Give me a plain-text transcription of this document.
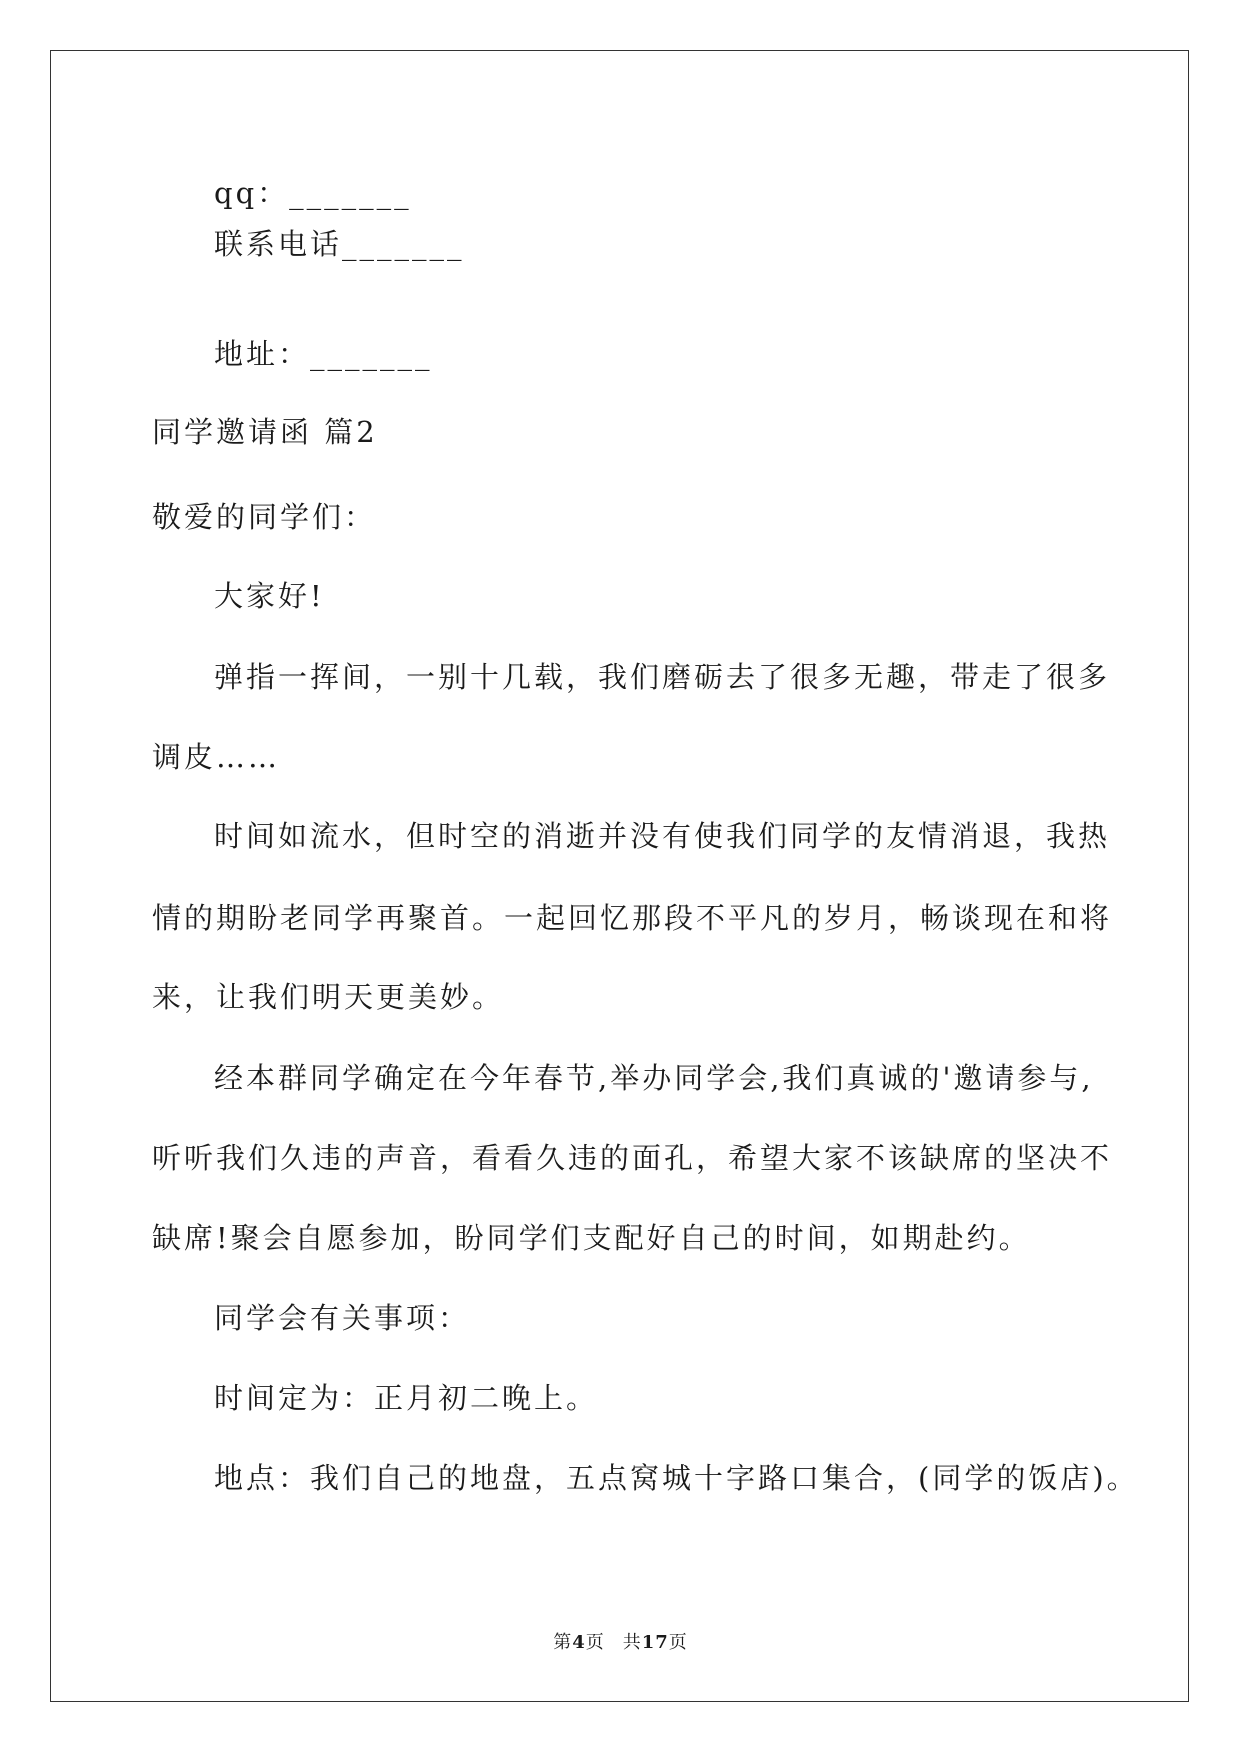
qq：_______

联系电话_______

地址：_______

同学邀请函 篇2

敬爱的同学们：

大家好!

弹指一挥间，一别十几载，我们磨砺去了很多无趣，带走了很多

调皮……

时间如流水，但时空的消逝并没有使我们同学的友情消退，我热

情的期盼老同学再聚首。一起回忆那段不平凡的岁月，畅谈现在和将

来，让我们明天更美妙。

经本群同学确定在今年春节,举办同学会,我们真诚的'邀请参与,

听听我们久违的声音，看看久违的面孔，希望大家不该缺席的坚决不

缺席!聚会自愿参加，盼同学们支配好自己的时间，如期赴约。

同学会有关事项：

时间定为：正月初二晚上。

地点：我们自己的地盘，五点窝城十字路口集合，(同学的饭店)。

第4页 共17页
